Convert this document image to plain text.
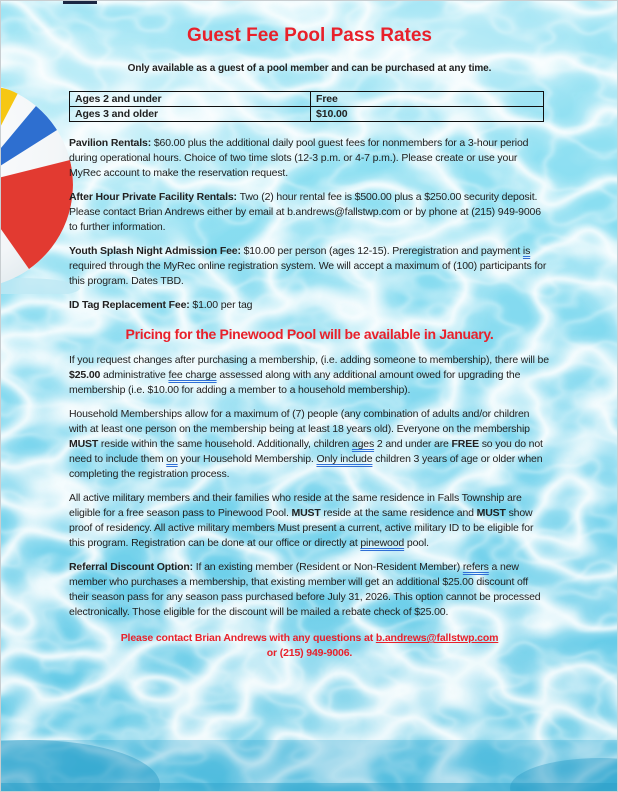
Guest Fee Pool Pass Rates
Only available as a guest of a pool member and can be purchased at any time.
Ages 2 and under	Free
Ages 3 and older	$10.00

Pavilion Rentals: $60.00 plus the additional daily pool guest fees for nonmembers for a 3-hour period during operational hours. Choice of two time slots (12-3 p.m. or 4-7 p.m.). Please create or use your MyRec account to make the reservation request.

After Hour Private Facility Rentals: Two (2) hour rental fee is $500.00 plus a $250.00 security deposit. Please contact Brian Andrews either by email at b.andrews@fallstwp.com or by phone at (215) 949-9006 to further information.

Youth Splash Night Admission Fee: $10.00 per person (ages 12-15). Preregistration and payment is required through the MyRec online registration system. We will accept a maximum of (100) participants for this program. Dates TBD.

ID Tag Replacement Fee: $1.00 per tag

Pricing for the Pinewood Pool will be available in January.

If you request changes after purchasing a membership, (i.e. adding someone to membership), there will be $25.00 administrative fee charge assessed along with any additional amount owed for upgrading the membership (i.e. $10.00 for adding a member to a household membership).

Household Memberships allow for a maximum of (7) people (any combination of adults and/or children with at least one person on the membership being at least 18 years old). Everyone on the membership MUST reside within the same household. Additionally, children ages 2 and under are FREE so you do not need to include them on your Household Membership. Only include children 3 years of age or older when completing the registration process.

All active military members and their families who reside at the same residence in Falls Township are eligible for a free season pass to Pinewood Pool. MUST reside at the same residence and MUST show proof of residency. All active military members Must present a current, active military ID to be eligible for this program. Registration can be done at our office or directly at pinewood pool.

Referral Discount Option: If an existing member (Resident or Non-Resident Member) refers a new member who purchases a membership, that existing member will get an additional $25.00 discount off their season pass for any season pass purchased before July 31, 2026. This option cannot be processed electronically. Those eligible for the discount will be mailed a rebate check of $25.00.

Please contact Brian Andrews with any questions at b.andrews@fallstwp.com
or (215) 949-9006.
